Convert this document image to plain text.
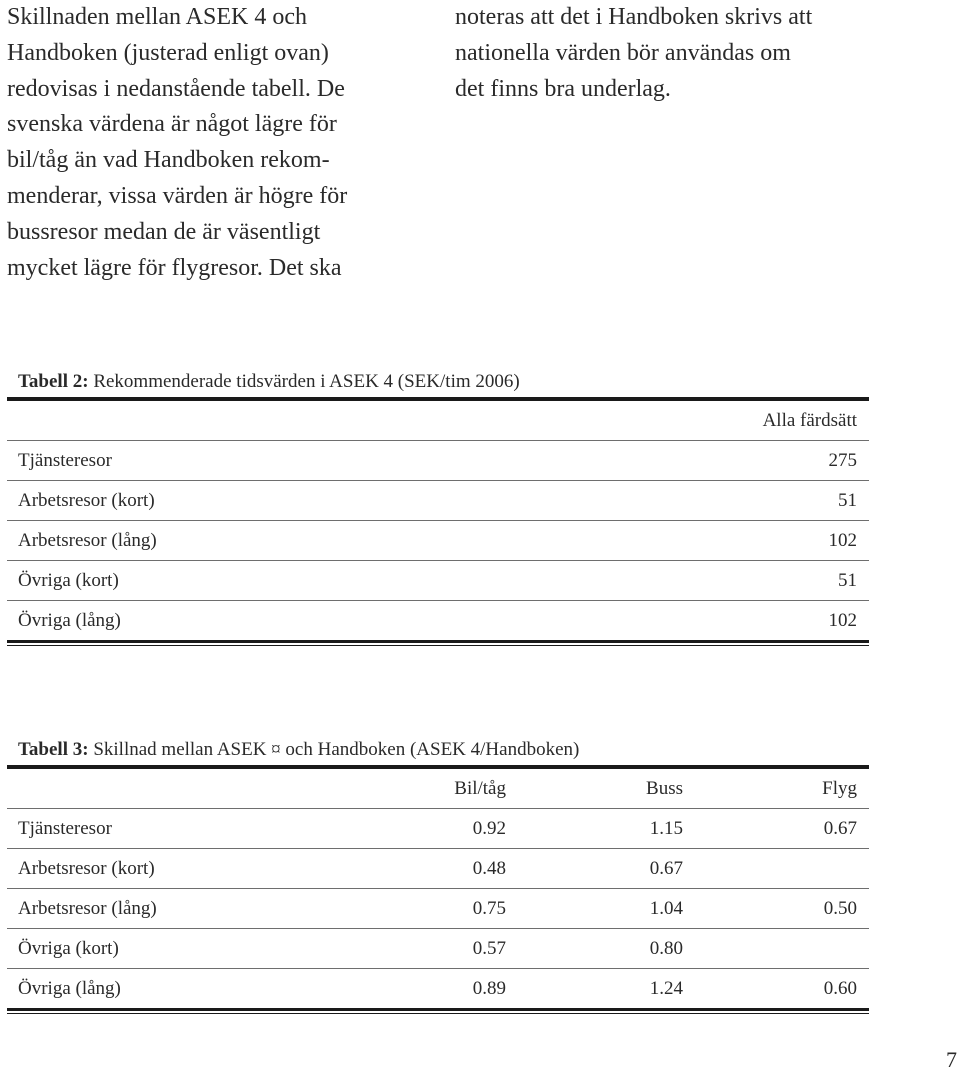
Skillnaden mellan ASEK 4 och
Handboken (justerad enligt ovan)
redovisas i nedanstående tabell. De
svenska värdena är något lägre för
bil/tåg än vad Handboken rekom-
menderar, vissa värden är högre för
bussresor medan de är väsentligt
mycket lägre för flygresor. Det ska
noteras att det i Handboken skrivs att
nationella värden bör användas om
det finns bra underlag.
Tabell 2: Rekommenderade tidsvärden i ASEK 4 (SEK/tim 2006)
Alla färdsätt
Tjänsteresor	275
Arbetsresor (kort)	51
Arbetsresor (lång)	102
Övriga (kort)	51
Övriga (lång)	102
Tabell 3: Skillnad mellan ASEK ¤ och Handboken (ASEK 4/Handboken)
Bil/tåg	Buss	Flyg
Tjänsteresor	0.92	1.15	0.67
Arbetsresor (kort)	0.48	0.67
Arbetsresor (lång)	0.75	1.04	0.50
Övriga (kort)	0.57	0.80
Övriga (lång)	0.89	1.24	0.60
7
